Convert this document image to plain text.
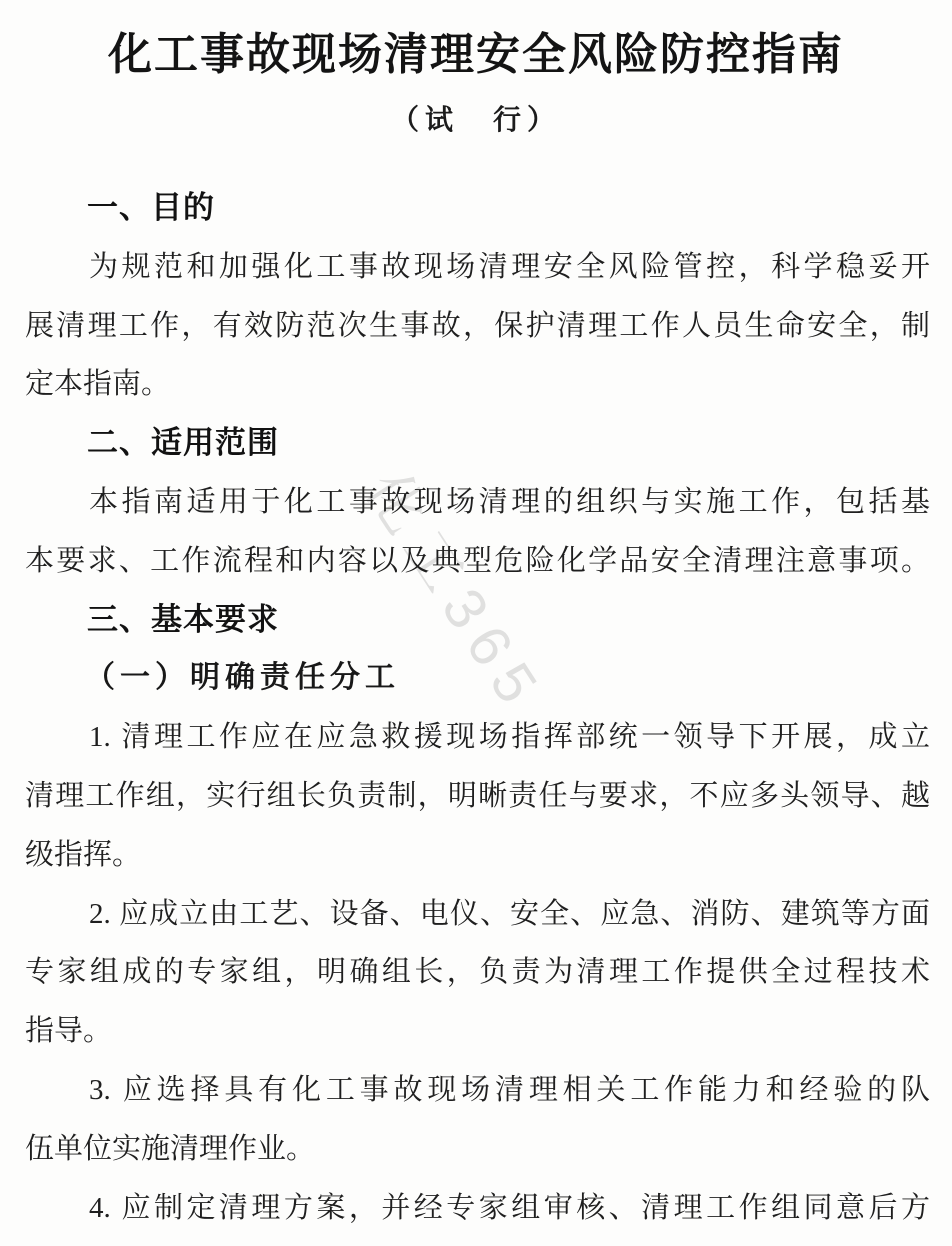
化工365
化工事故现场清理安全风险防控指南
（试　行）
一、目的
为规范和加强化工事故现场清理安全风险管控，科学稳妥开
展清理工作，有效防范次生事故，保护清理工作人员生命安全，制
定本指南。
二、适用范围
本指南适用于化工事故现场清理的组织与实施工作，包括基
本要求、工作流程和内容以及典型危险化学品安全清理注意事项。
三、基本要求
（一）明确责任分工
1. 清理工作应在应急救援现场指挥部统一领导下开展，成立
清理工作组，实行组长负责制，明晰责任与要求，不应多头领导、越
级指挥。
2. 应成立由工艺、设备、电仪、安全、应急、消防、建筑等方面
专家组成的专家组，明确组长，负责为清理工作提供全过程技术
指导。
3. 应选择具有化工事故现场清理相关工作能力和经验的队
伍单位实施清理作业。
4. 应制定清理方案，并经专家组审核、清理工作组同意后方
